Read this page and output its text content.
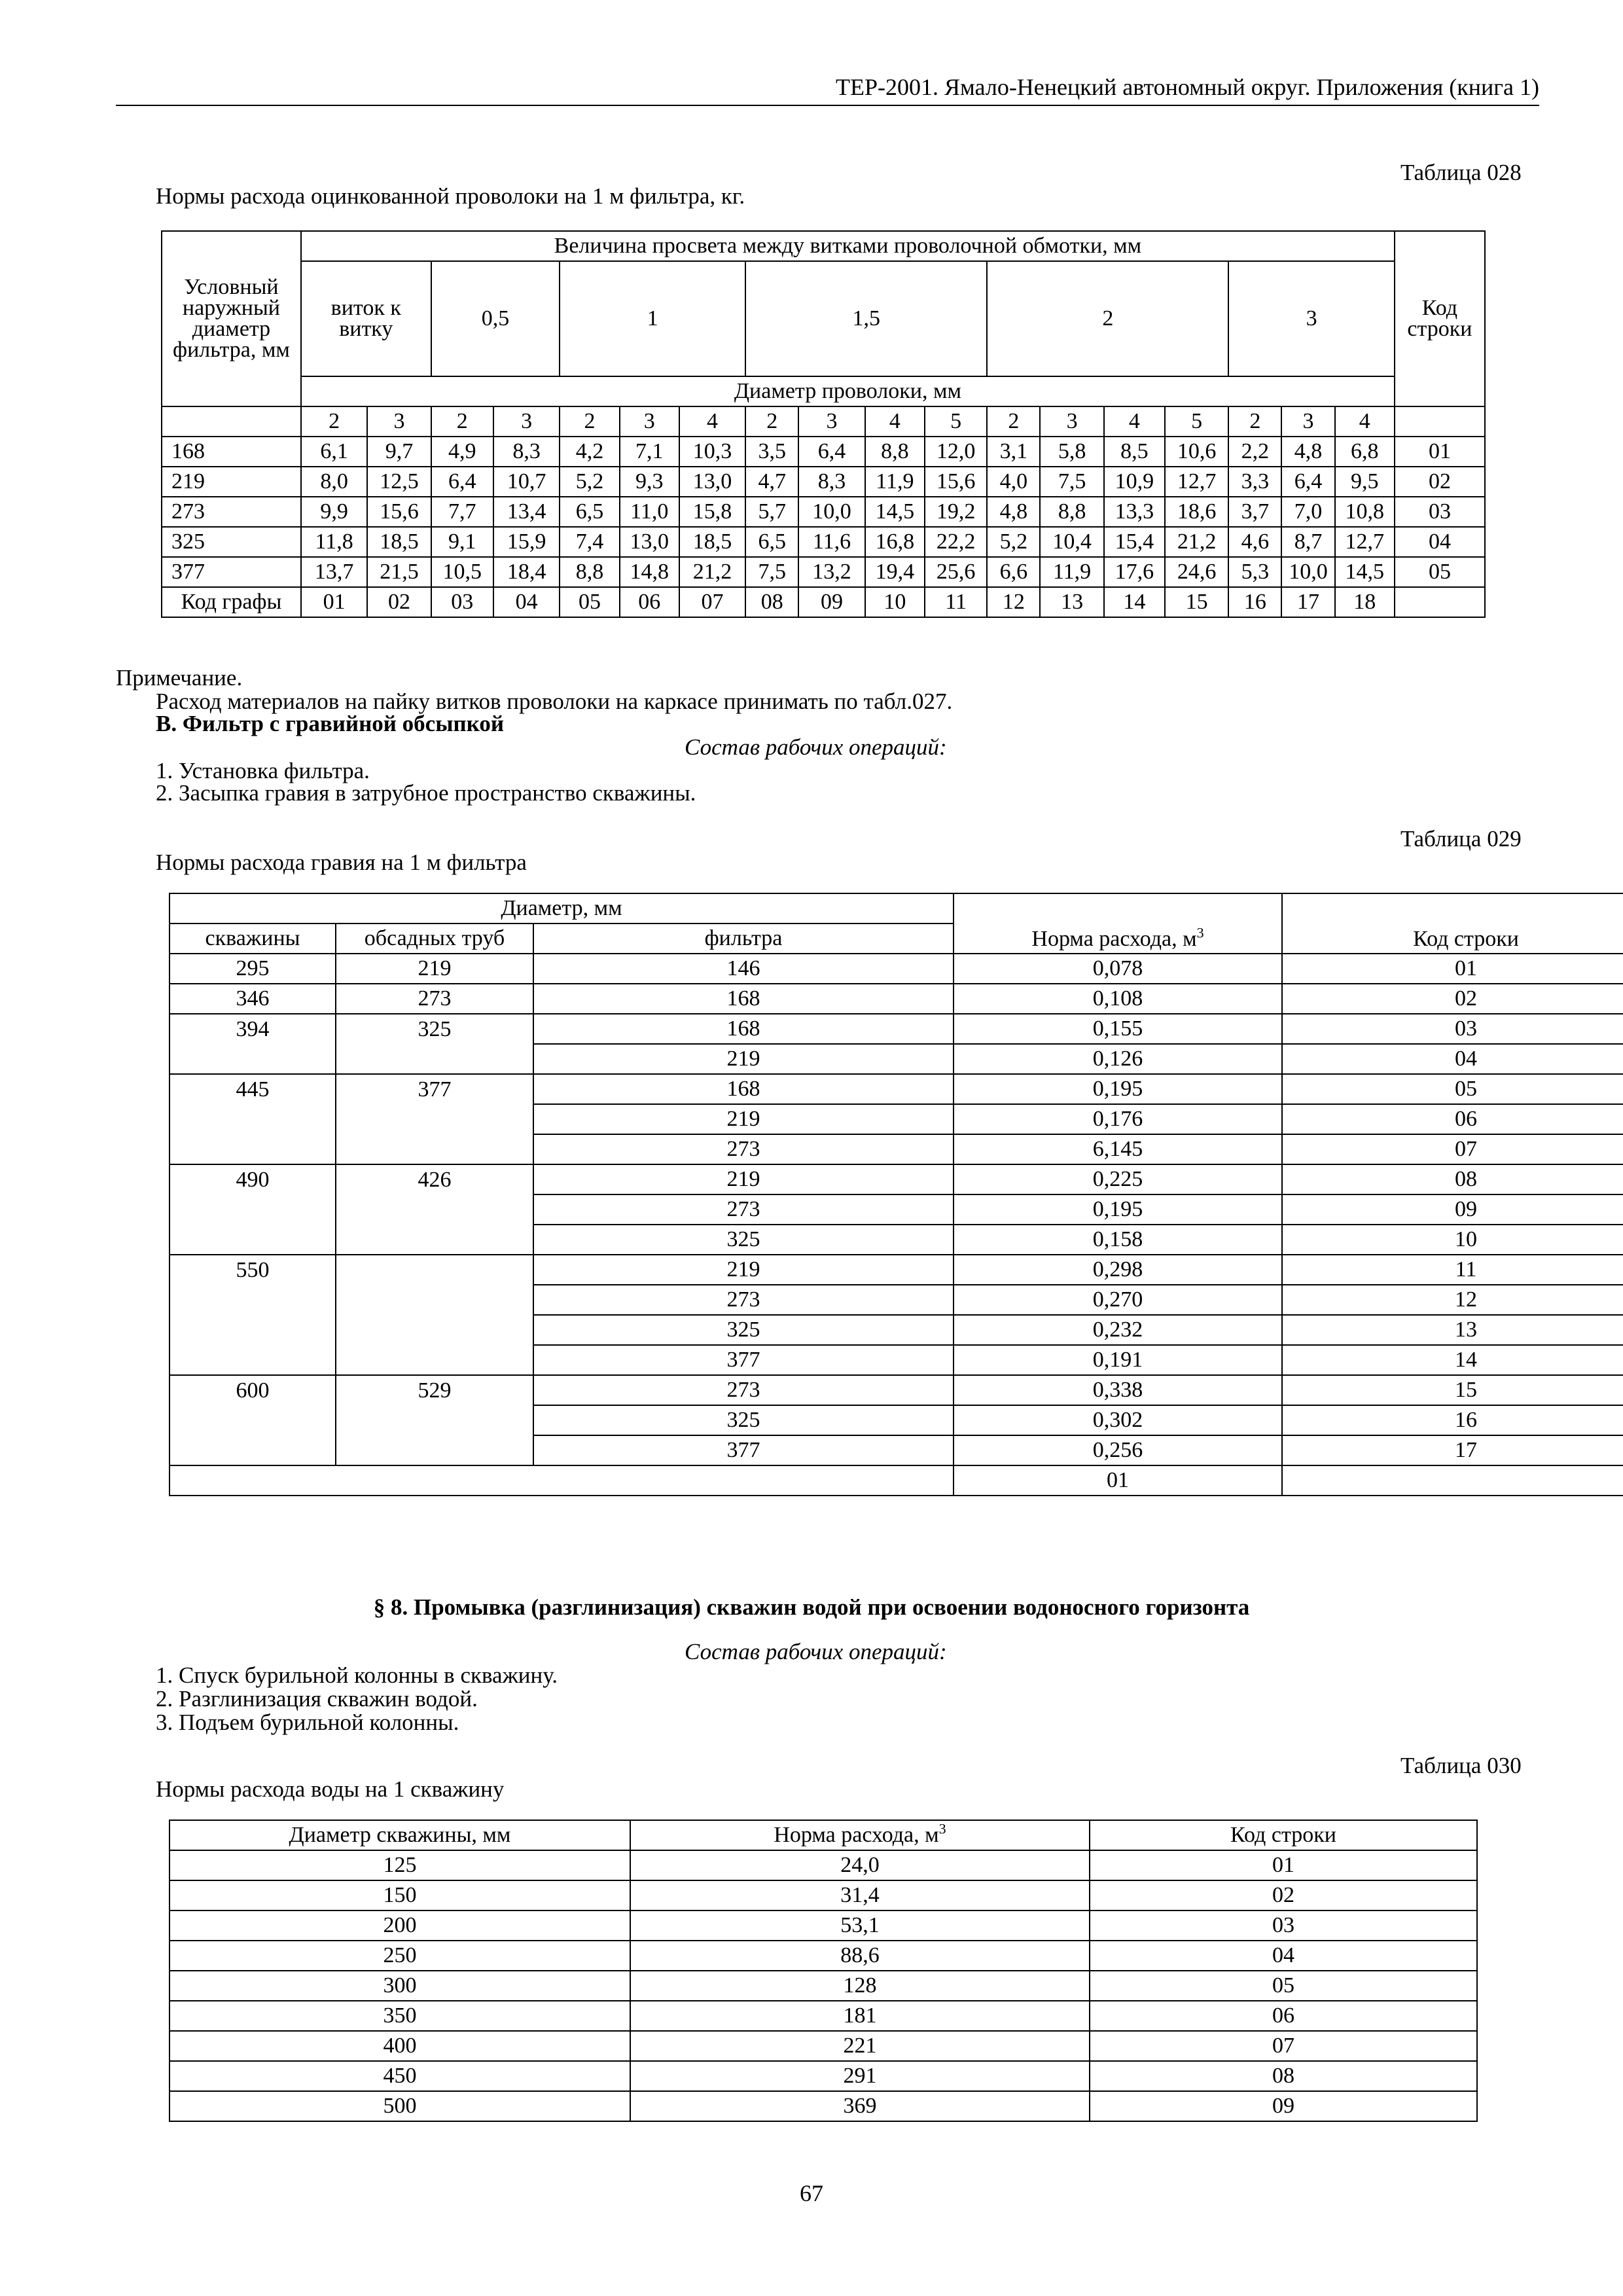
ТЕР-2001. Ямало-Ненецкий автономный округ. Приложения (книга 1)
Таблица 028
Нормы расхода оцинкованной проволоки на 1 м фильтра, кг.
Условный наружный диаметр фильтра, мм	Величина просвета между витками проволочной обмотки, мм																		Код строки
	виток к витку		0,5		1			1,5				2				3			
	Диаметр проволоки, мм																		
	2	3	2	3	2	3	4	2	3	4	5	2	3	4	5	2	3	4	
168	6,1	9,7	4,9	8,3	4,2	7,1	10,3	3,5	6,4	8,8	12,0	3,1	5,8	8,5	10,6	2,2	4,8	6,8	01
219	8,0	12,5	6,4	10,7	5,2	9,3	13,0	4,7	8,3	11,9	15,6	4,0	7,5	10,9	12,7	3,3	6,4	9,5	02
273	9,9	15,6	7,7	13,4	6,5	11,0	15,8	5,7	10,0	14,5	19,2	4,8	8,8	13,3	18,6	3,7	7,0	10,8	03
325	11,8	18,5	9,1	15,9	7,4	13,0	18,5	6,5	11,6	16,8	22,2	5,2	10,4	15,4	21,2	4,6	8,7	12,7	04
377	13,7	21,5	10,5	18,4	8,8	14,8	21,2	7,5	13,2	19,4	25,6	6,6	11,9	17,6	24,6	5,3	10,0	14,5	05
Код графы	01	02	03	04	05	06	07	08	09	10	11	12	13	14	15	16	17	18	
Примечание.
Расход материалов на пайку витков проволоки на каркасе принимать по табл.027.
В. Фильтр с гравийной обсыпкой
Состав рабочих операций:
1. Установка фильтра.
2. Засыпка гравия в затрубное пространство скважины.
Таблица 029
Нормы расхода гравия на 1 м фильтра
Диаметр, мм			Норма расхода, $м^3$	Код строки
скважины	обсадных труб	фильтра		
295	219	146	0,078	01
346	273	168	0,108	02
394	325	168	0,155	03
		219	0,126	04
445	377	168	0,195	05
		219	0,176	06
		273	6,145	07
490	426	219	0,225	08
		273	0,195	09
		325	0,158	10
550		219	0,298	11
		273	0,270	12
		325	0,232	13
		377	0,191	14
600	529	273	0,338	15
		325	0,302	16
		377	0,256	17
			01	
§ 8. Промывка (разглинизация) скважин водой при освоении водоносного горизонта
Состав рабочих операций:
1. Спуск бурильной колонны в скважину.
2. Разглинизация скважин водой.
3. Подъем бурильной колонны.
Таблица 030
Нормы расхода воды на 1 скважину
Диаметр скважины, мм	Норма расхода, $м^3$	Код строки
125	24,0	01
150	31,4	02
200	53,1	03
250	88,6	04
300	128	05
350	181	06
400	221	07
450	291	08
500	369	09
67
